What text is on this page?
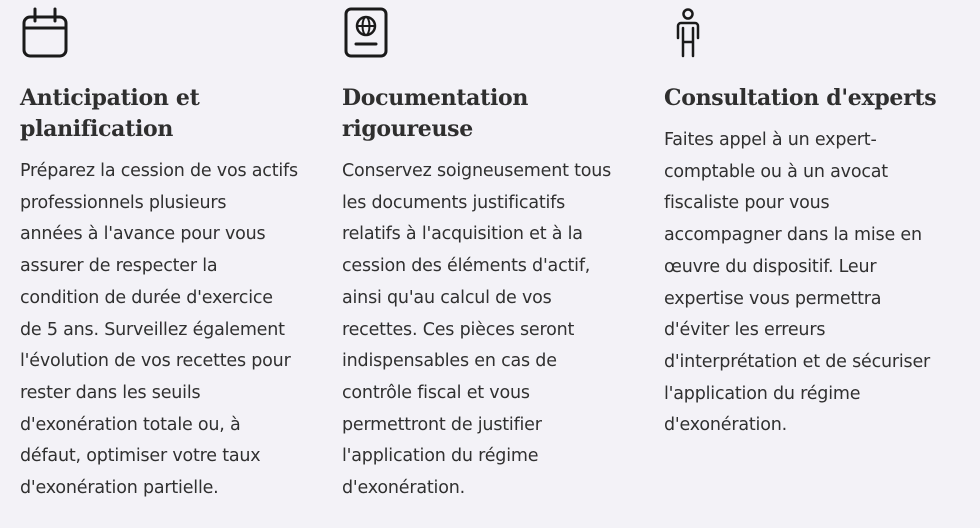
Anticipation et
planification

Préparez la cession de vos actifs
professionnels plusieurs
années à l'avance pour vous
assurer de respecter la
condition de durée d'exercice
de 5 ans. Surveillez également
l'évolution de vos recettes pour
rester dans les seuils
d'exonération totale ou, à
défaut, optimiser votre taux
d'exonération partielle.

Documentation
rigoureuse

Conservez soigneusement tous
les documents justificatifs
relatifs à l'acquisition et à la
cession des éléments d'actif,
ainsi qu'au calcul de vos
recettes. Ces pièces seront
indispensables en cas de
contrôle fiscal et vous
permettront de justifier
l'application du régime
d'exonération.

Consultation d'experts

Faites appel à un expert-
comptable ou à un avocat
fiscaliste pour vous
accompagner dans la mise en
œuvre du dispositif. Leur
expertise vous permettra
d'éviter les erreurs
d'interprétation et de sécuriser
l'application du régime
d'exonération.
